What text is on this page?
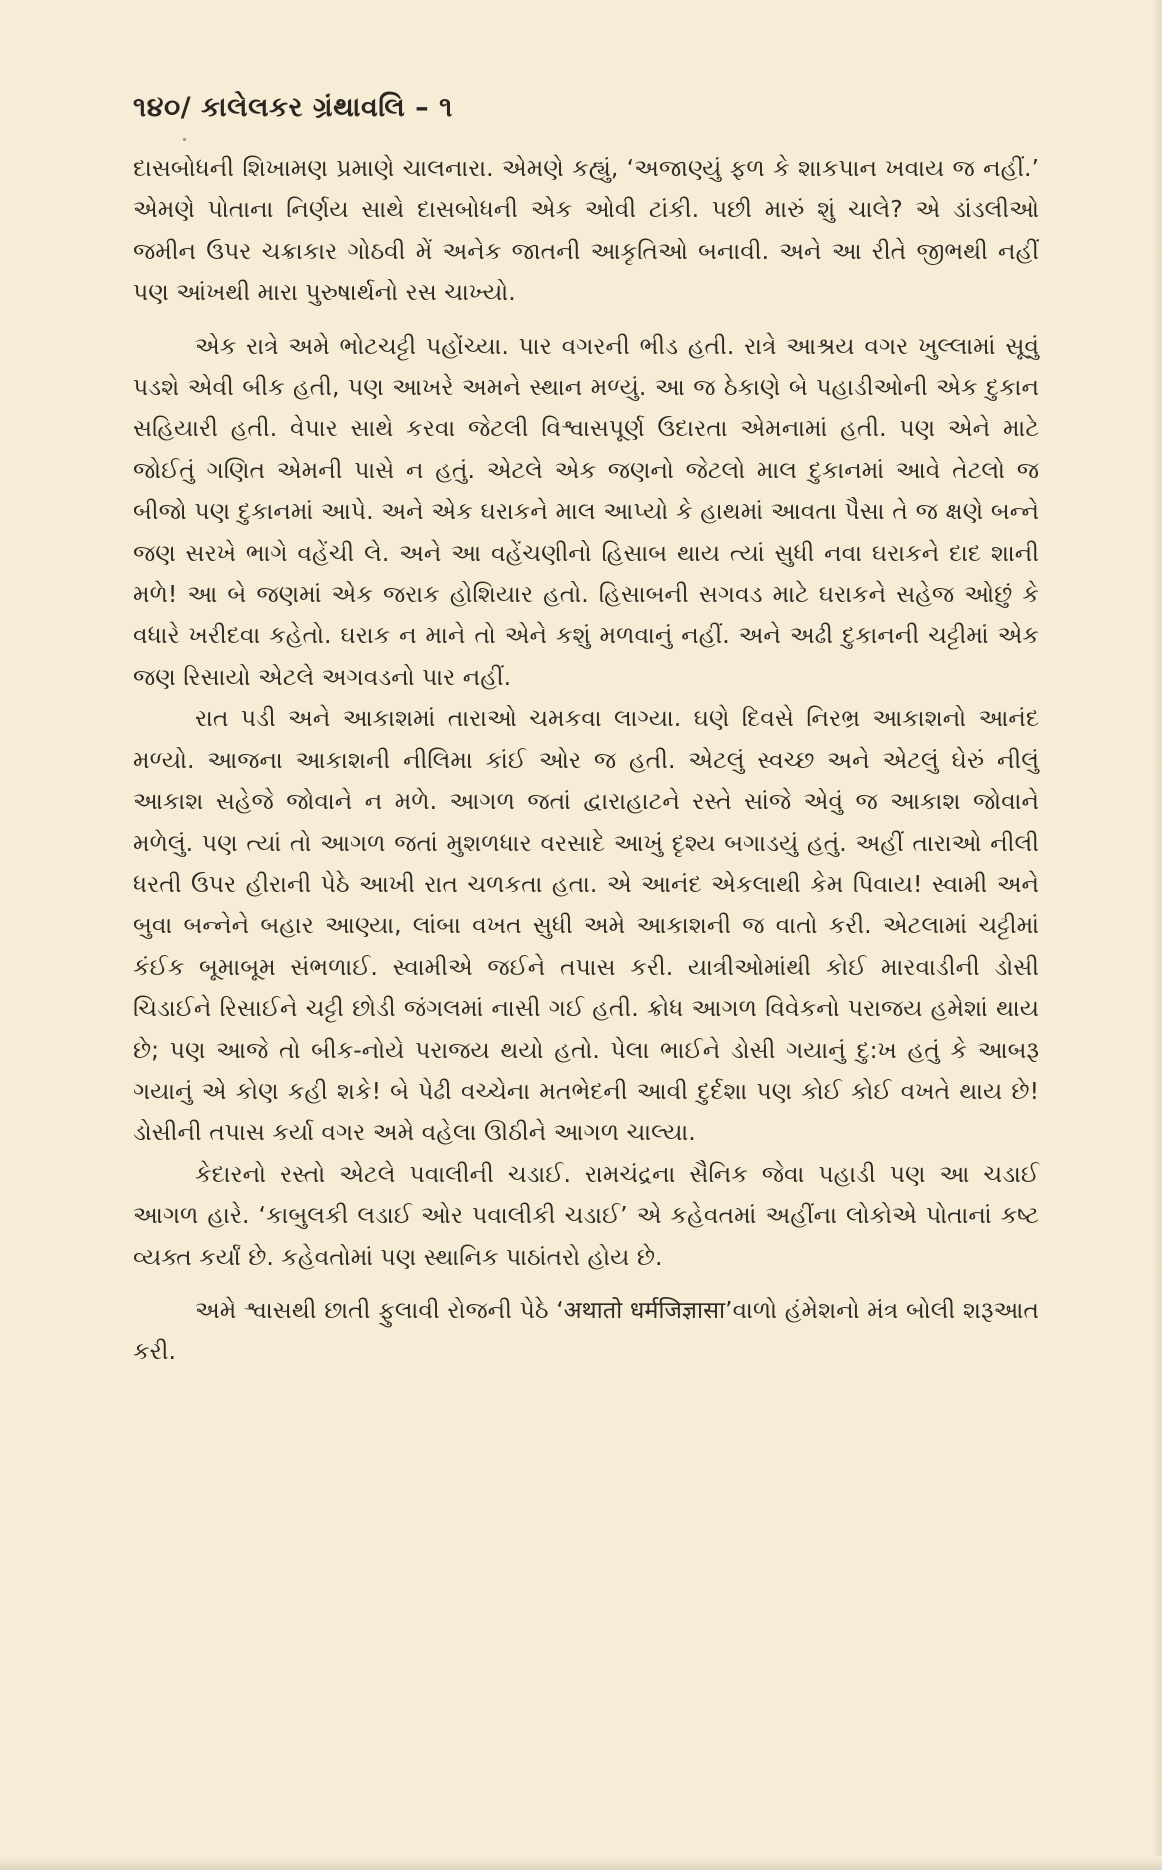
૧૪૦/ કાલેલકર ગ્રંથાવલિ – ૧

દાસબોધની શિખામણ પ્રમાણે ચાલનારા. એમણે કહ્યું, ‘અજાણ્યું ફળ કે શાકપાન ખવાય જ નહીં.’ એમણે પોતાના નિર્ણય સાથે દાસબોધની એક ઓવી ટાંકી. પછી મારું શું ચાલે? એ ડાંડલીઓ જમીન ઉપર ચક્રાકાર ગોઠવી મેં અનેક જાતની આકૃતિઓ બનાવી. અને આ રીતે જીભથી નહીં પણ આંખથી મારા પુરુષાર્થનો રસ ચાખ્યો.

એક રાત્રે અમે ભોટચટ્ટી પહોંચ્યા. પાર વગરની ભીડ હતી. રાત્રે આશ્રય વગર ખુલ્લામાં સૂવું પડશે એવી બીક હતી, પણ આખરે અમને સ્થાન મળ્યું. આ જ ઠેકાણે બે પહાડીઓની એક દુકાન સહિયારી હતી. વેપાર સાથે કરવા જેટલી વિશ્વાસપૂર્ણ ઉદારતા એમનામાં હતી. પણ એને માટે જોઈતું ગણિત એમની પાસે ન હતું. એટલે એક જણનો જેટલો માલ દુકાનમાં આવે તેટલો જ બીજો પણ દુકાનમાં આપે. અને એક ઘરાકને માલ આપ્યો કે હાથમાં આવતા પૈસા તે જ ક્ષણે બન્ને જણ સરખે ભાગે વહેંચી લે. અને આ વહેંચણીનો હિસાબ થાય ત્યાં સુધી નવા ઘરાકને દાદ શાની મળે! આ બે જણમાં એક જરાક હોશિયાર હતો. હિસાબની સગવડ માટે ઘરાકને સહેજ ઓછું કે વધારે ખરીદવા કહેતો. ઘરાક ન માને તો એને કશું મળવાનું નહીં. અને અઢી દુકાનની ચટ્ટીમાં એક જણ રિસાયો એટલે અગવડનો પાર નહીં.

રાત પડી અને આકાશમાં તારાઓ ચમકવા લાગ્યા. ઘણે દિવસે નિરભ્ર આકાશનો આનંદ મળ્યો. આજના આકાશની નીલિમા કાંઈ ઓર જ હતી. એટલું સ્વચ્છ અને એટલું ઘેરું નીલું આકાશ સહેજે જોવાને ન મળે. આગળ જતાં દ્વારાહાટને રસ્તે સાંજે એવું જ આકાશ જોવાને મળેલું. પણ ત્યાં તો આગળ જતાં મુશળધાર વરસાદે આખું દૃશ્ય બગાડયું હતું. અહીં તારાઓ નીલી ધરતી ઉપર હીરાની પેઠે આખી રાત ચળકતા હતા. એ આનંદ એકલાથી કેમ પિવાય! સ્વામી અને બુવા બન્નેને બહાર આણ્યા, લાંબા વખત સુધી અમે આકાશની જ વાતો કરી. એટલામાં ચટ્ટીમાં કંઈક બૂમાબૂમ સંભળાઈ. સ્વામીએ જઈને તપાસ કરી. યાત્રીઓમાંથી કોઈ મારવાડીની ડોસી ચિડાઈને રિસાઈને ચટ્ટી છોડી જંગલમાં નાસી ગઈ હતી. ક્રોધ આગળ વિવેકનો પરાજય હમેશાં થાય છે; પણ આજે તો બીક-નોયે પરાજય થયો હતો. પેલા ભાઈને ડોસી ગયાનું દુ:ખ હતું કે આબરૂ ગયાનું એ કોણ કહી શકે! બે પેઢી વચ્ચેના મતભેદની આવી દુર્દશા પણ કોઈ કોઈ વખતે થાય છે! ડોસીની તપાસ કર્યા વગર અમે વહેલા ઊઠીને આગળ ચાલ્યા.

કેદારનો રસ્તો એટલે પવાલીની ચડાઈ. રામચંદ્રના સૈનિક જેવા પહાડી પણ આ ચડાઈ આગળ હારે. ‘કાબુલકી લડાઈ ઓર પવાલીકી ચડાઈ’ એ કહેવતમાં અહીંના લોકોએ પોતાનાં કષ્ટ વ્યક્ત કર્યાં છે. કહેવતોમાં પણ સ્થાનિક પાઠાંતરો હોય છે.

અમે શ્વાસથી છાતી ફુલાવી રોજની પેઠે ‘अथातो धर्मजिज्ञासा’વાળો હંમેશનો મંત્ર બોલી શરૂઆત કરી.
